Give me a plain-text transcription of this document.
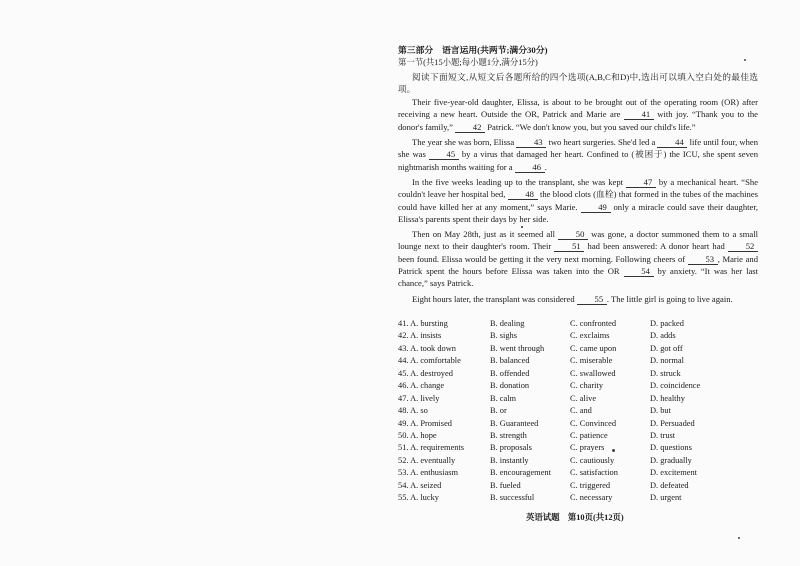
第三部分　语言运用(共两节;满分30分)

第一节(共15小题;每小题1分,满分15分)

阅读下面短文,从短文后各题所给的四个选项(A,B,C和D)中,选出可以填入空白处的最佳选项。

Their five-year-old daughter, Elissa, is about to be brought out of the operating room (OR) after receiving a new heart. Outside the OR, Patrick and Marie are 41 with joy. “Thank you to the donor's family,” 42 Patrick. “We don't know you, but you saved our child's life.”

The year she was born, Elissa 43 two heart surgeries. She'd led a 44 life until four, when she was 45 by a virus that damaged her heart. Confined to (被困于) the ICU, she spent seven nightmarish months waiting for a 46 .

In the five weeks leading up to the transplant, she was kept 47 by a mechanical heart. “She couldn't leave her hospital bed, 48 the blood clots (血栓) that formed in the tubes of the machines could have killed her at any moment,” says Marie. 49 only a miracle could save their daughter, Elissa's parents spent their days by her side.

Then on May 28th, just as it seemed all 50 was gone, a doctor summoned them to a small lounge next to their daughter's room. Their 51 had been answered: A donor heart had 52 been found. Elissa would be getting it the very next morning. Following cheers of 53 , Marie and Patrick spent the hours before Elissa was taken into the OR 54 by anxiety. “It was her last chance,” says Patrick.

Eight hours later, the transplant was considered 55 . The little girl is going to live again.

41. A. bursting	B. dealing	C. confronted	D. packed
42. A. insists	B. sighs	C. exclaims	D. adds
43. A. took down	B. went through	C. came upon	D. got off
44. A. comfortable	B. balanced	C. miserable	D. normal
45. A. destroyed	B. offended	C. swallowed	D. struck
46. A. change	B. donation	C. charity	D. coincidence
47. A. lively	B. calm	C. alive	D. healthy
48. A. so	B. or	C. and	D. but
49. A. Promised	B. Guaranteed	C. Convinced	D. Persuaded
50. A. hope	B. strength	C. patience	D. trust
51. A. requirements	B. proposals	C. prayers	D. questions
52. A. eventually	B. instantly	C. cautiously	D. gradually
53. A. enthusiasm	B. encouragement	C. satisfaction	D. excitement
54. A. seized	B. fueled	C. triggered	D. defeated
55. A. lucky	B. successful	C. necessary	D. urgent
英语试题　第10页(共12页)
